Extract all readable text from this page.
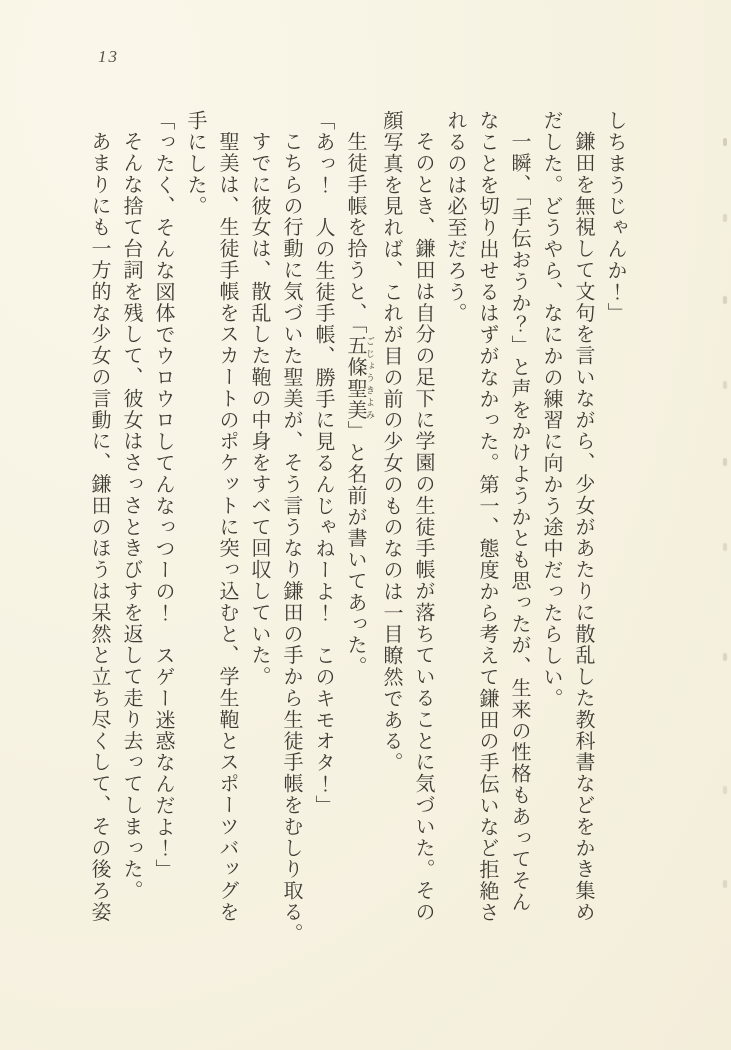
13

しちまうじゃんか！」

鎌田を無視して文句を言いながら、少女があたりに散乱した教科書などをかき集め

だした。どうやら、なにかの練習に向かう途中だったらしい。

一瞬、「手伝おうか？」と声をかけようかとも思ったが、生来の性格もあってそん

なことを切り出せるはずがなかった。第一、態度から考えて鎌田の手伝いなど拒絶さ

れるのは必至だろう。

そのとき、鎌田は自分の足下に学園の生徒手帳が落ちていることに気づいた。その

顔写真を見れば、これが目の前の少女のものなのは一目瞭然である。

生徒手帳を拾うと、「五條聖美 ごじょうきよみ」と名前が書いてあった。

「あっ！　人の生徒手帳、勝手に見るんじゃねーよ！　このキモオタ！」

こちらの行動に気づいた聖美が、そう言うなり鎌田の手から生徒手帳をむしり取る。

すでに彼女は、散乱した鞄の中身をすべて回収していた。

聖美は、生徒手帳をスカートのポケットに突っ込むと、学生鞄とスポーツバッグを

手にした。

「ったく、そんな図体でウロウロしてんなっつーの！　スゲー迷惑なんだよ！」

そんな捨て台詞を残して、彼女はさっさときびすを返して走り去ってしまった。

あまりにも一方的な少女の言動に、鎌田のほうは呆然と立ち尽くして、その後ろ姿
